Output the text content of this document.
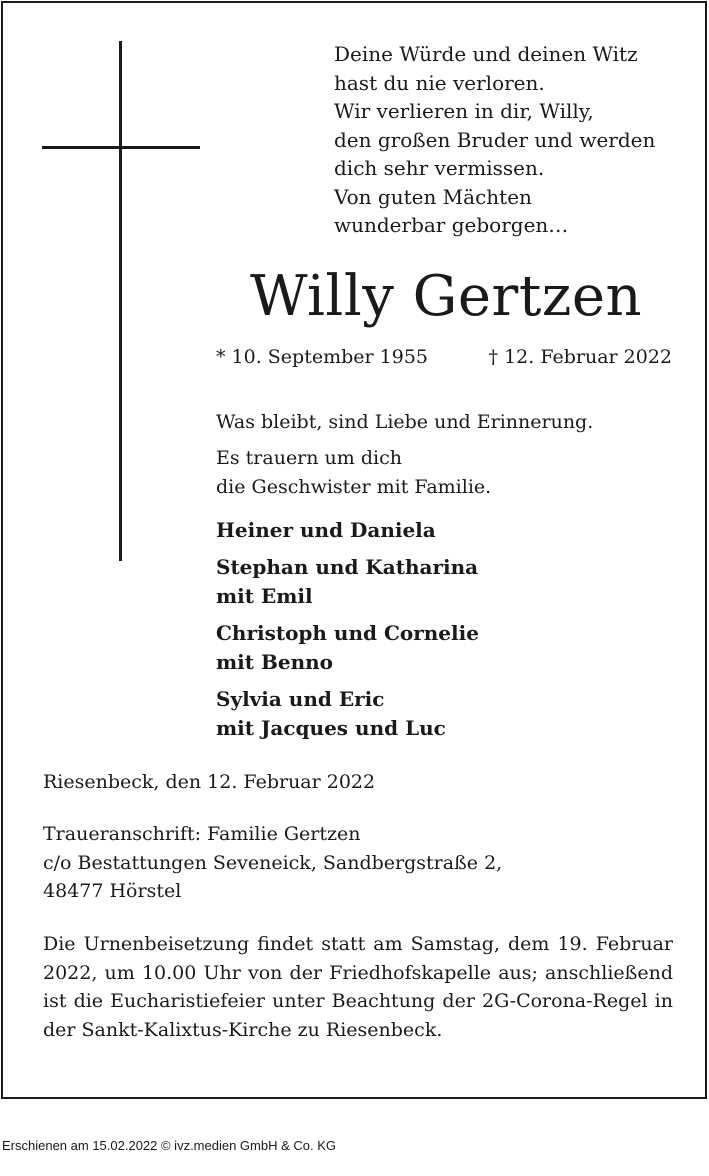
Deine Würde und deinen Witz
hast du nie verloren.
Wir verlieren in dir, Willy,
den großen Bruder und werden
dich sehr vermissen.
Von guten Mächten
wunderbar geborgen…
Willy Gertzen
* 10. September 1955	† 12. Februar 2022
Was bleibt, sind Liebe und Erinnerung.
Es trauern um dich
die Geschwister mit Familie.
Heiner und Daniela
Stephan und Katharina
mit Emil
Christoph und Cornelie
mit Benno
Sylvia und Eric
mit Jacques und Luc
Riesenbeck, den 12. Februar 2022
Traueranschrift: Familie Gertzen
c/o Bestattungen Seveneick, Sandbergstraße 2,
48477 Hörstel
Die Urnenbeisetzung findet statt am Samstag, dem 19. Februar 2022, um 10.00 Uhr von der Friedhofskapelle aus; anschließend ist die Eucharistiefeier unter Beachtung der 2G-Corona-Regel in der Sankt-Kalixtus-Kirche zu Riesenbeck.
Erschienen am 15.02.2022 © ivz.medien GmbH & Co. KG
